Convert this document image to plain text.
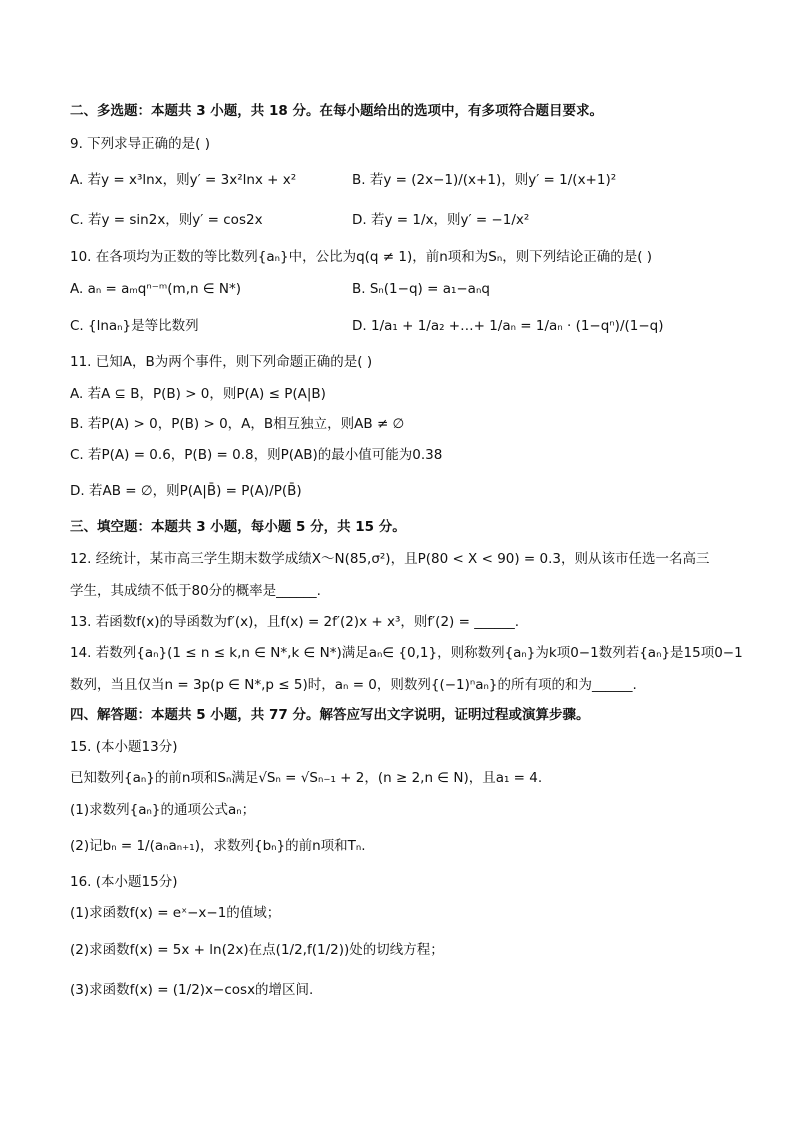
二、多选题：本题共 3 小题，共 18 分。在每小题给出的选项中，有多项符合题目要求。
9. 下列求导正确的是( )
A. 若y = x³lnx，则y′ = 3x²lnx + x²	B. 若y = (2x−1)/(x+1)，则y′ = 1/(x+1)²
C. 若y = sin2x，则y′ = cos2x	D. 若y = 1/x，则y′ = −1/x²
10. 在各项均为正数的等比数列{aₙ}中，公比为q(q ≠ 1)，前n项和为Sₙ，则下列结论正确的是( )
A. aₙ = aₘqⁿ⁻ᵐ(m,n ∈ N*)	B. Sₙ(1−q) = a₁−aₙq
C. {lnaₙ}是等比数列	D. 1/a₁ + 1/a₂ +…+ 1/aₙ = 1/aₙ · (1−qⁿ)/(1−q)
11. 已知A，B为两个事件，则下列命题正确的是( )
A. 若A ⊆ B，P(B) > 0，则P(A) ≤ P(A|B)
B. 若P(A) > 0，P(B) > 0，A，B相互独立，则AB ≠ ∅
C. 若P(A) = 0.6，P(B) = 0.8，则P(AB)的最小值可能为0.38
D. 若AB = ∅，则P(A|B̄) = P(A)/P(B̄)
三、填空题：本题共 3 小题，每小题 5 分，共 15 分。
12. 经统计，某市高三学生期末数学成绩X～N(85,σ²)，且P(80 < X < 90) = 0.3，则从该市任选一名高三
学生，其成绩不低于80分的概率是______.
13. 若函数f(x)的导函数为f′(x)，且f(x) = 2f′(2)x + x³，则f′(2) = ______.
14. 若数列{aₙ}(1 ≤ n ≤ k,n ∈ N*,k ∈ N*)满足aₙ∈ {0,1}，则称数列{aₙ}为k项0−1数列若{aₙ}是15项0−1
数列，当且仅当n = 3p(p ∈ N*,p ≤ 5)时，aₙ = 0，则数列{(−1)ⁿaₙ}的所有项的和为______.
四、解答题：本题共 5 小题，共 77 分。解答应写出文字说明，证明过程或演算步骤。
15. (本小题13分)
已知数列{aₙ}的前n项和Sₙ满足√Sₙ = √Sₙ₋₁ + 2，(n ≥ 2,n ∈ N)，且a₁ = 4.
(1)求数列{aₙ}的通项公式aₙ；
(2)记bₙ = 1/(aₙaₙ₊₁)，求数列{bₙ}的前n项和Tₙ.
16. (本小题15分)
(1)求函数f(x) = eˣ−x−1的值域；
(2)求函数f(x) = 5x + ln(2x)在点(1/2,f(1/2))处的切线方程；
(3)求函数f(x) = (1/2)x−cosx的增区间.
